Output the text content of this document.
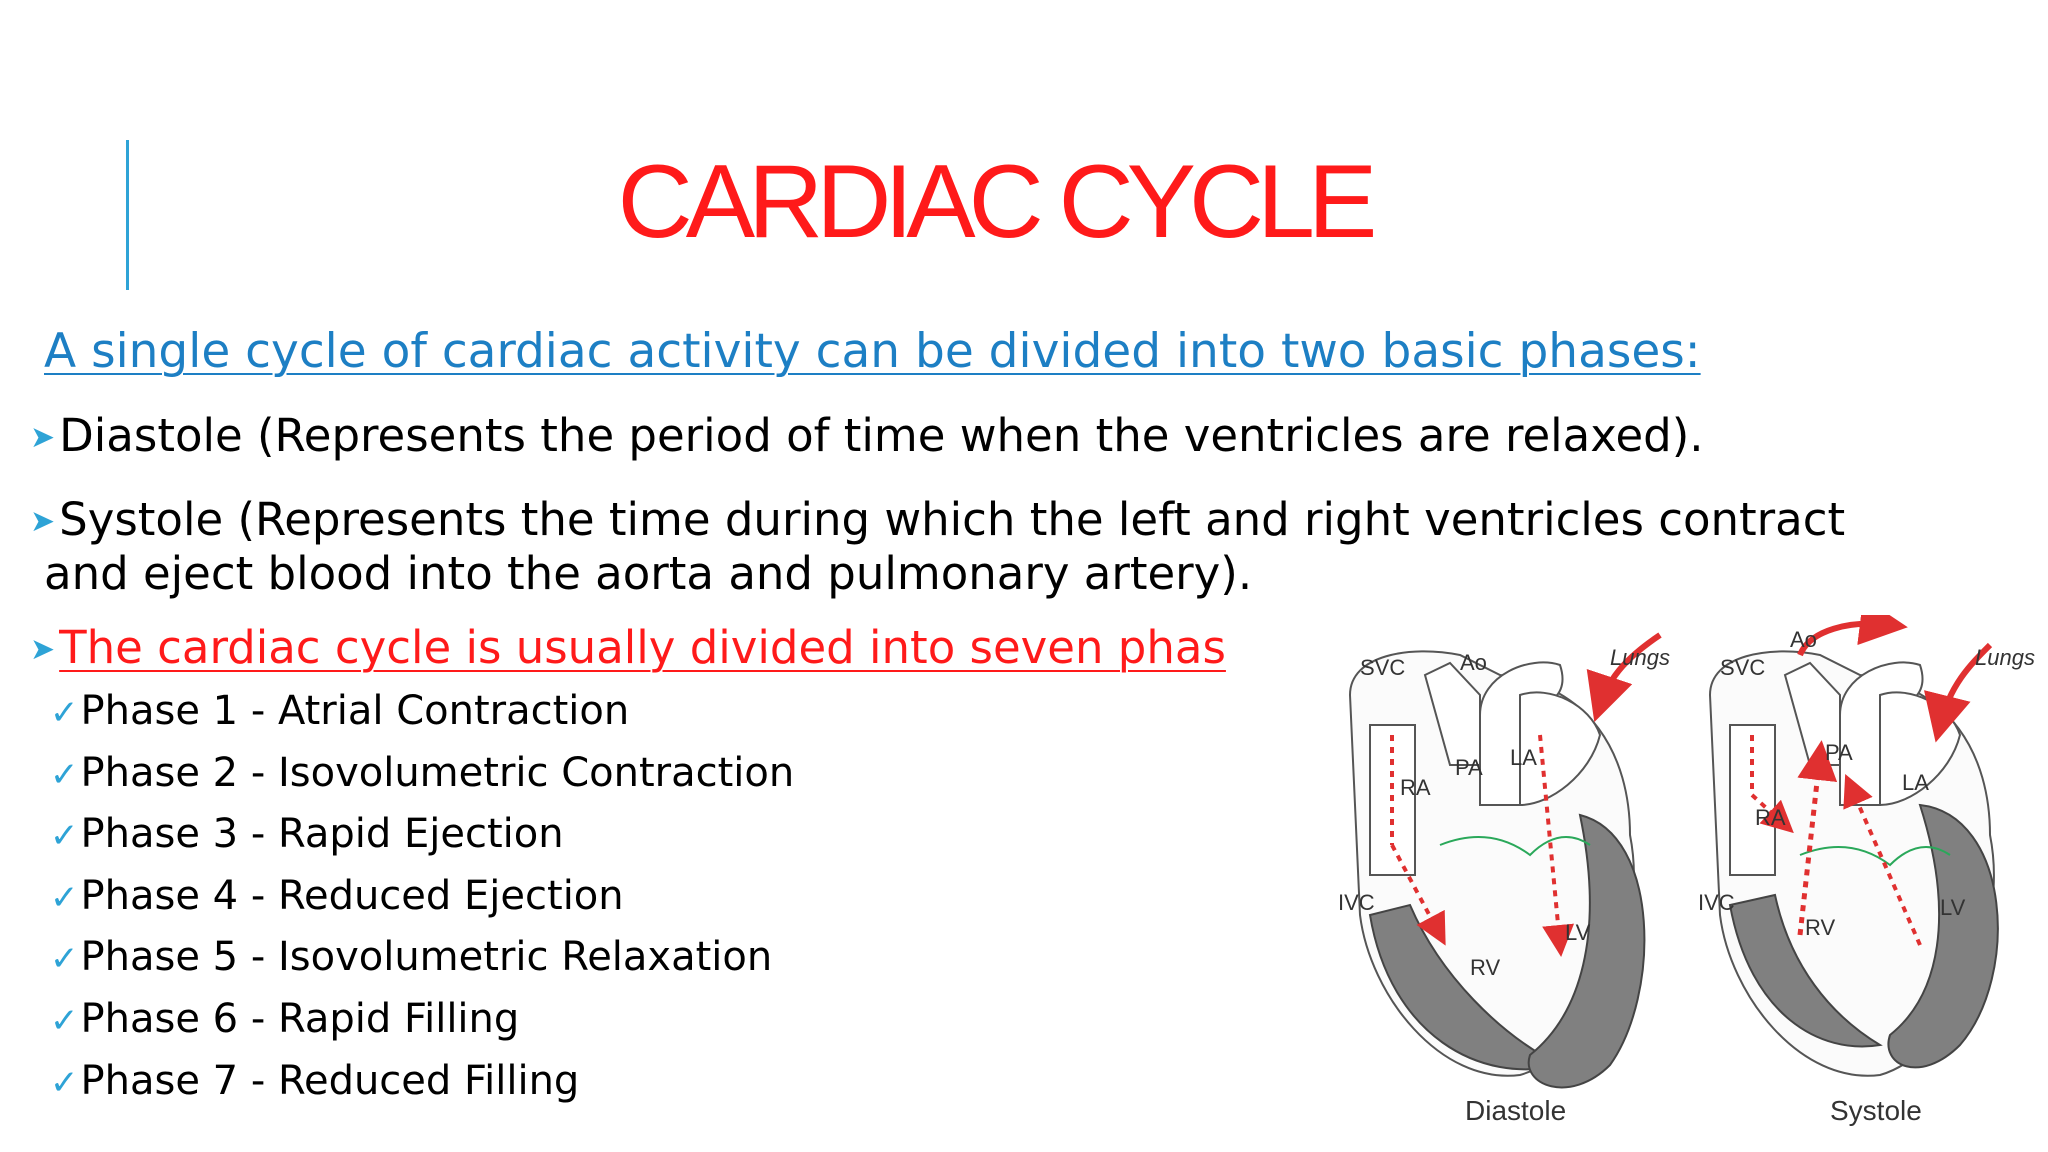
CARDIAC CYCLE
A single cycle of cardiac activity can be divided into two basic phases:
➤Diastole (Represents the period of time when the ventricles are relaxed).
➤Systole (Represents the time during which the left and right ventricles contract
and eject blood into the aorta and pulmonary artery).
➤The cardiac cycle is usually divided into seven phas
✓Phase 1 - Atrial Contraction
✓Phase 2 - Isovolumetric Contraction
✓Phase 3 - Rapid Ejection
✓Phase 4 - Reduced Ejection
✓Phase 5 - Isovolumetric Relaxation
✓Phase 6 - Rapid Filling
✓Phase 7 - Reduced Filling
SVC Ao	Lungs
PA LA
RA
IVC
LV
RV
Diastole
SVC
Ao
Lungs
PA
LA
RA
IVC	LV
RV
Systole
